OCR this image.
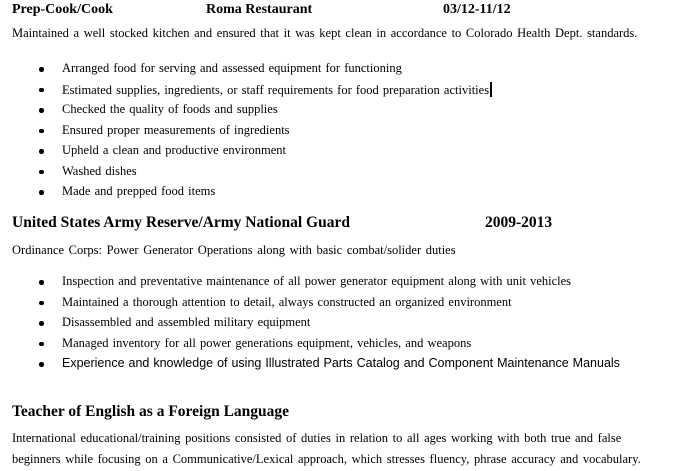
Prep-Cook/Cook	Roma Restaurant	03/12-11/12
Maintained a well stocked kitchen and ensured that it was kept clean in accordance to Colorado Health Dept. standards.
Arranged food for serving and assessed equipment for functioning
Estimated supplies, ingredients, or staff requirements for food preparation activities
Checked the quality of foods and supplies
Ensured proper measurements of ingredients
Upheld a clean and productive environment
Washed dishes
Made and prepped food items
United States Army Reserve/Army National Guard	2009-2013
Ordinance Corps: Power Generator Operations along with basic combat/solider duties
Inspection and preventative maintenance of all power generator equipment along with unit vehicles
Maintained a thorough attention to detail, always constructed an organized environment
Disassembled and assembled military equipment
Managed inventory for all power generations equipment, vehicles, and weapons
Experience and knowledge of using Illustrated Parts Catalog and Component Maintenance Manuals
Teacher of English as a Foreign Language
International educational/training positions consisted of duties in relation to all ages working with both true and false
beginners while focusing on a Communicative/Lexical approach, which stresses fluency, phrase accuracy and vocabulary.
